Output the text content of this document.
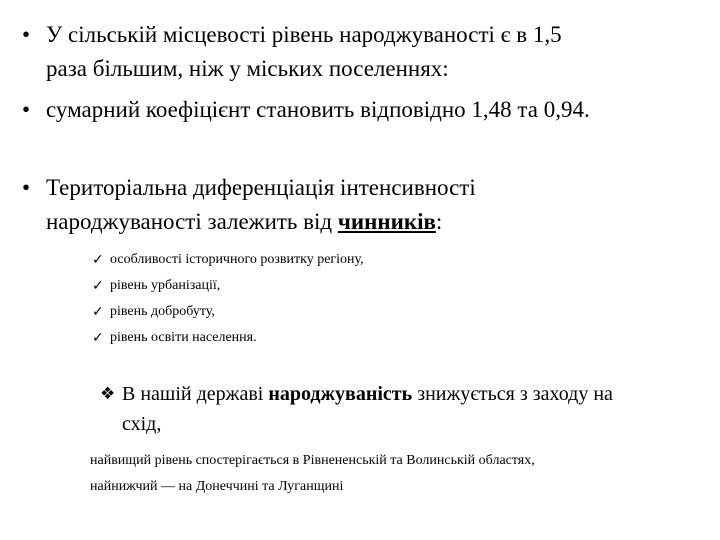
• У сільській місцевості рівень народжуваності є в 1,5
раза більшим, ніж у міських поселеннях:
• сумарний коефіцієнт становить відповідно 1,48 та 0,94.
• Територіальна диференціація інтенсивності
народжуваності залежить від чинників:
✓ особливості історичного розвитку регіону,
✓ рівень урбанізації,
✓ рівень добробуту,
✓ рівень освіти населення.
❖ В нашій державі народжуваність знижується з заходу на
схід,
найвищий рівень спостерігається в Рівнененській та Волинській областях,
найнижчий — на Донеччині та Луганщині
